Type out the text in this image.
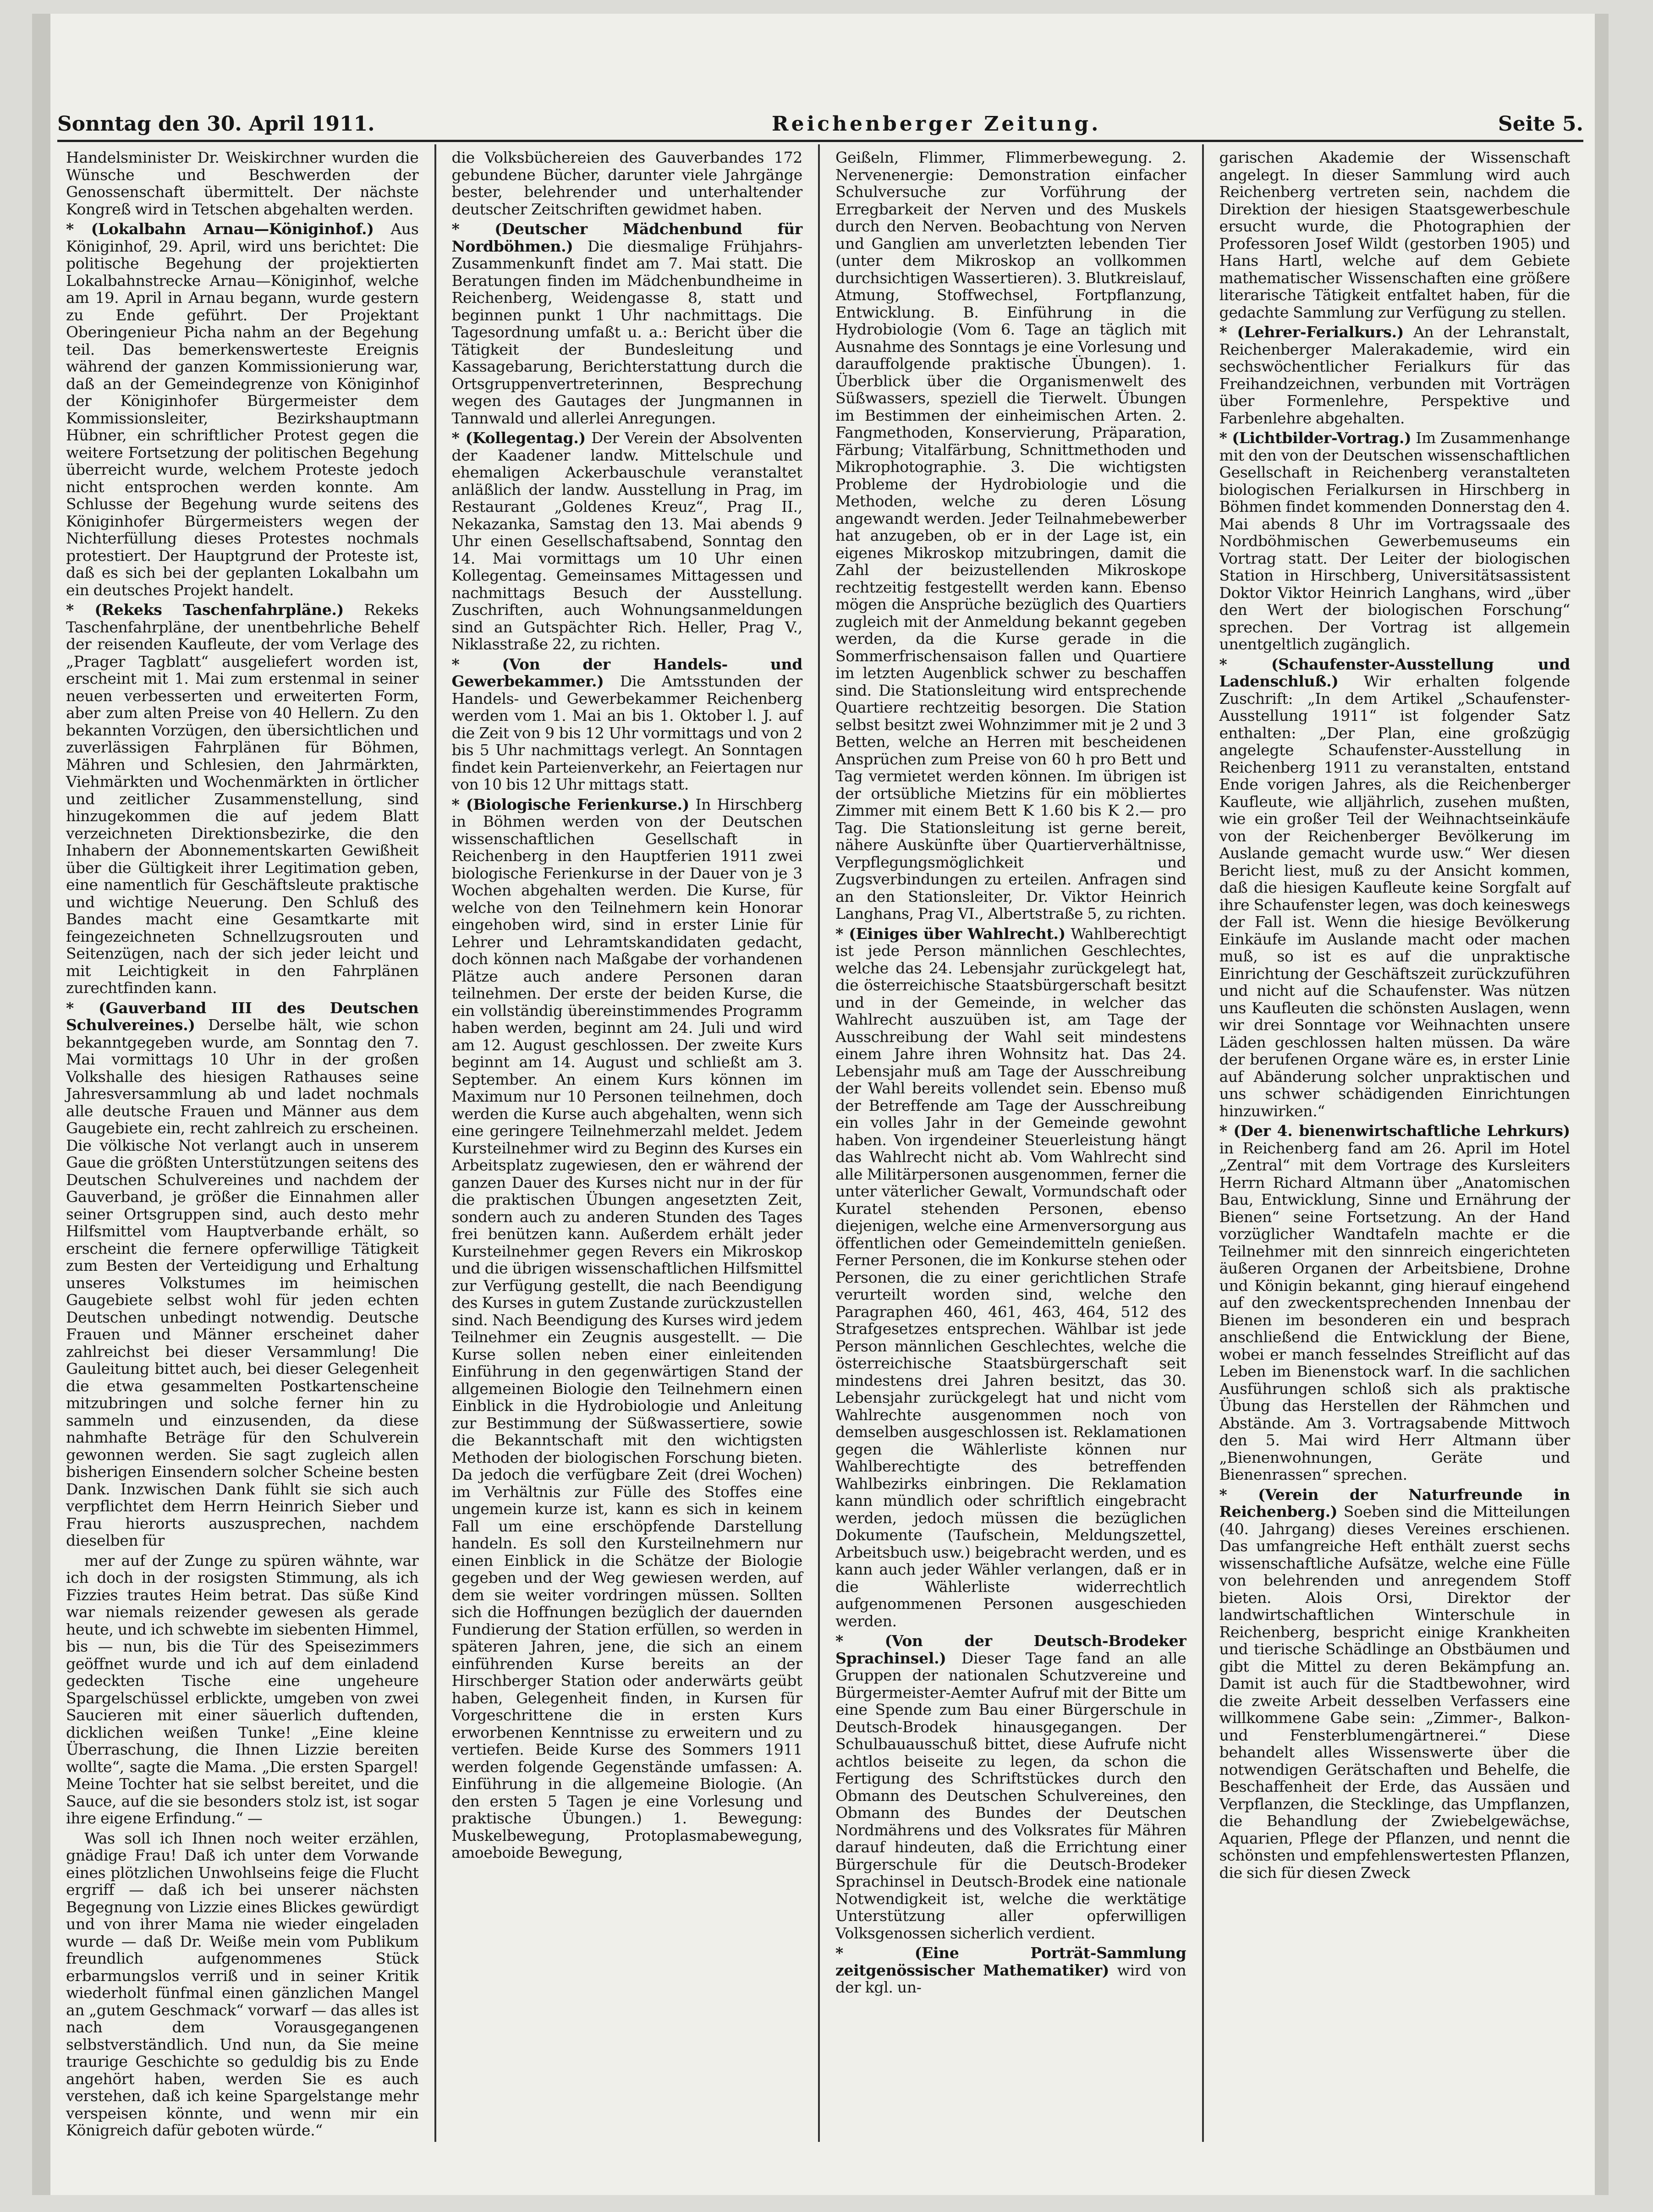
Sonntag den 30. April 1911.	Reichenberger Zeitung.	Seite 5.

Handelsminister Dr. Weiskirchner wurden die Wünsche und Beschwerden der Genossenschaft übermittelt. Der nächste Kongreß wird in Tetschen abgehalten werden.

* (Lokalbahn Arnau—Königinhof.) Aus Königinhof, 29. April, wird uns berichtet: Die politische Begehung der projektierten Lokalbahnstrecke Arnau—Königinhof, welche am 19. April in Arnau begann, wurde gestern zu Ende geführt. Der Projektant Oberingenieur Picha nahm an der Begehung teil. Das bemerkenswerteste Ereignis während der ganzen Kommissionierung war, daß an der Gemeindegrenze von Königinhof der Königinhofer Bürgermeister dem Kommissionsleiter, Bezirkshauptmann Hübner, ein schriftlicher Protest gegen die weitere Fortsetzung der politischen Begehung überreicht wurde, welchem Proteste jedoch nicht entsprochen werden konnte. Am Schlusse der Begehung wurde seitens des Königinhofer Bürgermeisters wegen der Nichterfüllung dieses Protestes nochmals protestiert. Der Hauptgrund der Proteste ist, daß es sich bei der geplanten Lokalbahn um ein deutsches Projekt handelt.

* (Rekeks Taschenfahrpläne.) Rekeks Taschenfahrpläne, der unentbehrliche Behelf der reisenden Kaufleute, der vom Verlage des „Prager Tagblatt“ ausgeliefert worden ist, erscheint mit 1. Mai zum erstenmal in seiner neuen verbesserten und erweiterten Form, aber zum alten Preise von 40 Hellern. Zu den bekannten Vorzügen, den übersichtlichen und zuverlässigen Fahrplänen für Böhmen, Mähren und Schlesien, den Jahrmärkten, Viehmärkten und Wochenmärkten in örtlicher und zeitlicher Zusammenstellung, sind hinzugekommen die auf jedem Blatt verzeichneten Direktionsbezirke, die den Inhabern der Abonnementskarten Gewißheit über die Gültigkeit ihrer Legitimation geben, eine namentlich für Geschäftsleute praktische und wichtige Neuerung. Den Schluß des Bandes macht eine Gesamtkarte mit feingezeichneten Schnellzugsrouten und Seitenzügen, nach der sich jeder leicht und mit Leichtigkeit in den Fahrplänen zurechtfinden kann.

* (Gauverband III des Deutschen Schulvereines.) Derselbe hält, wie schon bekanntgegeben wurde, am Sonntag den 7. Mai vormittags 10 Uhr in der großen Volkshalle des hiesigen Rathauses seine Jahresversammlung ab und ladet nochmals alle deutsche Frauen und Männer aus dem Gaugebiete ein, recht zahlreich zu erscheinen. Die völkische Not verlangt auch in unserem Gaue die größten Unterstützungen seitens des Deutschen Schulvereines und nachdem der Gauverband, je größer die Einnahmen aller seiner Ortsgruppen sind, auch desto mehr Hilfsmittel vom Hauptverbande erhält, so erscheint die fernere opferwillige Tätigkeit zum Besten der Verteidigung und Erhaltung unseres Volkstumes im heimischen Gaugebiete selbst wohl für jeden echten Deutschen unbedingt notwendig. Deutsche Frauen und Männer erscheinet daher zahlreichst bei dieser Versammlung! Die Gauleitung bittet auch, bei dieser Gelegenheit die etwa gesammelten Postkartenscheine mitzubringen und solche ferner hin zu sammeln und einzusenden, da diese nahmhafte Beträge für den Schulverein gewonnen werden. Sie sagt zugleich allen bisherigen Einsendern solcher Scheine besten Dank. Inzwischen Dank fühlt sie sich auch verpflichtet dem Herrn Heinrich Sieber und Frau hierorts auszusprechen, nachdem dieselben für

mer auf der Zunge zu spüren wähnte, war ich doch in der rosigsten Stimmung, als ich Fizzies trautes Heim betrat. Das süße Kind war niemals reizender gewesen als gerade heute, und ich schwebte im siebenten Himmel, bis — nun, bis die Tür des Speisezimmers geöffnet wurde und ich auf dem einladend gedeckten Tische eine ungeheure Spargelschüssel erblickte, umgeben von zwei Saucieren mit einer säuerlich duftenden, dicklichen weißen Tunke! „Eine kleine Überraschung, die Ihnen Lizzie bereiten wollte“, sagte die Mama. „Die ersten Spargel! Meine Tochter hat sie selbst bereitet, und die Sauce, auf die sie besonders stolz ist, ist sogar ihre eigene Erfindung.“ —

Was soll ich Ihnen noch weiter erzählen, gnädige Frau! Daß ich unter dem Vorwande eines plötzlichen Unwohlseins feige die Flucht ergriff — daß ich bei unserer nächsten Begegnung von Lizzie eines Blickes gewürdigt und von ihrer Mama nie wieder eingeladen wurde — daß Dr. Weiße mein vom Publikum freundlich aufgenommenes Stück erbarmungslos verriß und in seiner Kritik wiederholt fünfmal einen gänzlichen Mangel an „gutem Geschmack“ vorwarf — das alles ist nach dem Vorausgegangenen selbstverständlich. Und nun, da Sie meine traurige Geschichte so geduldig bis zu Ende angehört haben, werden Sie es auch verstehen, daß ich keine Spargelstange mehr verspeisen könnte, und wenn mir ein Königreich dafür geboten würde.“

die Volksbüchereien des Gauverbandes 172 gebundene Bücher, darunter viele Jahrgänge bester, belehrender und unterhaltender deutscher Zeitschriften gewidmet haben.

* (Deutscher Mädchenbund für Nordböhmen.) Die diesmalige Frühjahrs-Zusammenkunft findet am 7. Mai statt. Die Beratungen finden im Mädchenbundheime in Reichenberg, Weidengasse 8, statt und beginnen punkt 1 Uhr nachmittags. Die Tagesordnung umfaßt u. a.: Bericht über die Tätigkeit der Bundesleitung und Kassagebarung, Berichterstattung durch die Ortsgruppenvertreterinnen, Besprechung wegen des Gautages der Jungmannen in Tannwald und allerlei Anregungen.

* (Kollegentag.) Der Verein der Absolventen der Kaadener landw. Mittelschule und ehemaligen Ackerbauschule veranstaltet anläßlich der landw. Ausstellung in Prag, im Restaurant „Goldenes Kreuz“, Prag II., Nekazanka, Samstag den 13. Mai abends 9 Uhr einen Gesellschaftsabend, Sonntag den 14. Mai vormittags um 10 Uhr einen Kollegentag. Gemeinsames Mittagessen und nachmittags Besuch der Ausstellung. Zuschriften, auch Wohnungsanmeldungen sind an Gutspächter Rich. Heller, Prag V., Niklasstraße 22, zu richten.

* (Von der Handels- und Gewerbekammer.) Die Amtsstunden der Handels- und Gewerbekammer Reichenberg werden vom 1. Mai an bis 1. Oktober l. J. auf die Zeit von 9 bis 12 Uhr vormittags und von 2 bis 5 Uhr nachmittags verlegt. An Sonntagen findet kein Parteienverkehr, an Feiertagen nur von 10 bis 12 Uhr mittags statt.

* (Biologische Ferienkurse.) In Hirschberg in Böhmen werden von der Deutschen wissenschaftlichen Gesellschaft in Reichenberg in den Hauptferien 1911 zwei biologische Ferienkurse in der Dauer von je 3 Wochen abgehalten werden. Die Kurse, für welche von den Teilnehmern kein Honorar eingehoben wird, sind in erster Linie für Lehrer und Lehramtskandidaten gedacht, doch können nach Maßgabe der vorhandenen Plätze auch andere Personen daran teilnehmen. Der erste der beiden Kurse, die ein vollständig übereinstimmendes Programm haben werden, beginnt am 24. Juli und wird am 12. August geschlossen. Der zweite Kurs beginnt am 14. August und schließt am 3. September. An einem Kurs können im Maximum nur 10 Personen teilnehmen, doch werden die Kurse auch abgehalten, wenn sich eine geringere Teilnehmerzahl meldet. Jedem Kursteilnehmer wird zu Beginn des Kurses ein Arbeitsplatz zugewiesen, den er während der ganzen Dauer des Kurses nicht nur in der für die praktischen Übungen angesetzten Zeit, sondern auch zu anderen Stunden des Tages frei benützen kann. Außerdem erhält jeder Kursteilnehmer gegen Revers ein Mikroskop und die übrigen wissenschaftlichen Hilfsmittel zur Verfügung gestellt, die nach Beendigung des Kurses in gutem Zustande zurückzustellen sind. Nach Beendigung des Kurses wird jedem Teilnehmer ein Zeugnis ausgestellt. — Die Kurse sollen neben einer einleitenden Einführung in den gegenwärtigen Stand der allgemeinen Biologie den Teilnehmern einen Einblick in die Hydrobiologie und Anleitung zur Bestimmung der Süßwassertiere, sowie die Bekanntschaft mit den wichtigsten Methoden der biologischen Forschung bieten. Da jedoch die verfügbare Zeit (drei Wochen) im Verhältnis zur Fülle des Stoffes eine ungemein kurze ist, kann es sich in keinem Fall um eine erschöpfende Darstellung handeln. Es soll den Kursteilnehmern nur einen Einblick in die Schätze der Biologie gegeben und der Weg gewiesen werden, auf dem sie weiter vordringen müssen. Sollten sich die Hoffnungen bezüglich der dauernden Fundierung der Station erfüllen, so werden in späteren Jahren, jene, die sich an einem einführenden Kurse bereits an der Hirschberger Station oder anderwärts geübt haben, Gelegenheit finden, in Kursen für Vorgeschrittene die in ersten Kurs erworbenen Kenntnisse zu erweitern und zu vertiefen. Beide Kurse des Sommers 1911 werden folgende Gegenstände umfassen: A. Einführung in die allgemeine Biologie. (An den ersten 5 Tagen je eine Vorlesung und praktische Übungen.) 1. Bewegung: Muskelbewegung, Protoplasmabewegung, amoeboide Bewegung,

Geißeln, Flimmer, Flimmerbewegung. 2. Nervenenergie: Demonstration einfacher Schulversuche zur Vorführung der Erregbarkeit der Nerven und des Muskels durch den Nerven. Beobachtung von Nerven und Ganglien am unverletzten lebenden Tier (unter dem Mikroskop an vollkommen durchsichtigen Wassertieren). 3. Blutkreislauf, Atmung, Stoffwechsel, Fortpflanzung, Entwicklung. B. Einführung in die Hydrobiologie (Vom 6. Tage an täglich mit Ausnahme des Sonntags je eine Vorlesung und darauffolgende praktische Übungen). 1. Überblick über die Organismenwelt des Süßwassers, speziell die Tierwelt. Übungen im Bestimmen der einheimischen Arten. 2. Fangmethoden, Konservierung, Präparation, Färbung; Vitalfärbung, Schnittmethoden und Mikrophotographie. 3. Die wichtigsten Probleme der Hydrobiologie und die Methoden, welche zu deren Lösung angewandt werden. Jeder Teilnahmebewerber hat anzugeben, ob er in der Lage ist, ein eigenes Mikroskop mitzubringen, damit die Zahl der beizustellenden Mikroskope rechtzeitig festgestellt werden kann. Ebenso mögen die Ansprüche bezüglich des Quartiers zugleich mit der Anmeldung bekannt gegeben werden, da die Kurse gerade in die Sommerfrischensaison fallen und Quartiere im letzten Augenblick schwer zu beschaffen sind. Die Stationsleitung wird entsprechende Quartiere rechtzeitig besorgen. Die Station selbst besitzt zwei Wohnzimmer mit je 2 und 3 Betten, welche an Herren mit bescheidenen Ansprüchen zum Preise von 60 h pro Bett und Tag vermietet werden können. Im übrigen ist der ortsübliche Mietzins für ein möbliertes Zimmer mit einem Bett K 1.60 bis K 2.— pro Tag. Die Stationsleitung ist gerne bereit, nähere Auskünfte über Quartierverhältnisse, Verpflegungsmöglichkeit und Zugsverbindungen zu erteilen. Anfragen sind an den Stationsleiter, Dr. Viktor Heinrich Langhans, Prag VI., Albertstraße 5, zu richten.

* (Einiges über Wahlrecht.) Wahlberechtigt ist jede Person männlichen Geschlechtes, welche das 24. Lebensjahr zurückgelegt hat, die österreichische Staatsbürgerschaft besitzt und in der Gemeinde, in welcher das Wahlrecht auszuüben ist, am Tage der Ausschreibung der Wahl seit mindestens einem Jahre ihren Wohnsitz hat. Das 24. Lebensjahr muß am Tage der Ausschreibung der Wahl bereits vollendet sein. Ebenso muß der Betreffende am Tage der Ausschreibung ein volles Jahr in der Gemeinde gewohnt haben. Von irgendeiner Steuerleistung hängt das Wahlrecht nicht ab. Vom Wahlrecht sind alle Militärpersonen ausgenommen, ferner die unter väterlicher Gewalt, Vormundschaft oder Kuratel stehenden Personen, ebenso diejenigen, welche eine Armenversorgung aus öffentlichen oder Gemeindemitteln genießen. Ferner Personen, die im Konkurse stehen oder Personen, die zu einer gerichtlichen Strafe verurteilt worden sind, welche den Paragraphen 460, 461, 463, 464, 512 des Strafgesetzes entsprechen. Wählbar ist jede Person männlichen Geschlechtes, welche die österreichische Staatsbürgerschaft seit mindestens drei Jahren besitzt, das 30. Lebensjahr zurückgelegt hat und nicht vom Wahlrechte ausgenommen noch von demselben ausgeschlossen ist. Reklamationen gegen die Wählerliste können nur Wahlberechtigte des betreffenden Wahlbezirks einbringen. Die Reklamation kann mündlich oder schriftlich eingebracht werden, jedoch müssen die bezüglichen Dokumente (Taufschein, Meldungszettel, Arbeitsbuch usw.) beigebracht werden, und es kann auch jeder Wähler verlangen, daß er in die Wählerliste widerrechtlich aufgenommenen Personen ausgeschieden werden.

* (Von der Deutsch-Brodeker Sprachinsel.) Dieser Tage fand an alle Gruppen der nationalen Schutzvereine und Bürgermeister-Aemter Aufruf mit der Bitte um eine Spende zum Bau einer Bürgerschule in Deutsch-Brodek hinausgegangen. Der Schulbauausschuß bittet, diese Aufrufe nicht achtlos beiseite zu legen, da schon die Fertigung des Schriftstückes durch den Obmann des Deutschen Schulvereines, den Obmann des Bundes der Deutschen Nordmährens und des Volksrates für Mähren darauf hindeuten, daß die Errichtung einer Bürgerschule für die Deutsch-Brodeker Sprachinsel in Deutsch-Brodek eine nationale Notwendigkeit ist, welche die werktätige Unterstützung aller opferwilligen Volksgenossen sicherlich verdient.

* (Eine Porträt-Sammlung zeitgenössischer Mathematiker) wird von der kgl. un-

garischen Akademie der Wissenschaft angelegt. In dieser Sammlung wird auch Reichenberg vertreten sein, nachdem die Direktion der hiesigen Staatsgewerbeschule ersucht wurde, die Photographien der Professoren Josef Wildt (gestorben 1905) und Hans Hartl, welche auf dem Gebiete mathematischer Wissenschaften eine größere literarische Tätigkeit entfaltet haben, für die gedachte Sammlung zur Verfügung zu stellen.

* (Lehrer-Ferialkurs.) An der Lehranstalt, Reichenberger Malerakademie, wird ein sechswöchentlicher Ferialkurs für das Freihandzeichnen, verbunden mit Vorträgen über Formenlehre, Perspektive und Farbenlehre abgehalten.

* (Lichtbilder-Vortrag.) Im Zusammenhange mit den von der Deutschen wissenschaftlichen Gesellschaft in Reichenberg veranstalteten biologischen Ferialkursen in Hirschberg in Böhmen findet kommenden Donnerstag den 4. Mai abends 8 Uhr im Vortragssaale des Nordböhmischen Gewerbemuseums ein Vortrag statt. Der Leiter der biologischen Station in Hirschberg, Universitätsassistent Doktor Viktor Heinrich Langhans, wird „über den Wert der biologischen Forschung“ sprechen. Der Vortrag ist allgemein unentgeltlich zugänglich.

* (Schaufenster-Ausstellung und Ladenschluß.) Wir erhalten folgende Zuschrift: „In dem Artikel „Schaufenster-Ausstellung 1911“ ist folgender Satz enthalten: „Der Plan, eine großzügig angelegte Schaufenster-Ausstellung in Reichenberg 1911 zu veranstalten, entstand Ende vorigen Jahres, als die Reichenberger Kaufleute, wie alljährlich, zusehen mußten, wie ein großer Teil der Weihnachtseinkäufe von der Reichenberger Bevölkerung im Auslande gemacht wurde usw.“ Wer diesen Bericht liest, muß zu der Ansicht kommen, daß die hiesigen Kaufleute keine Sorgfalt auf ihre Schaufenster legen, was doch keineswegs der Fall ist. Wenn die hiesige Bevölkerung Einkäufe im Auslande macht oder machen muß, so ist es auf die unpraktische Einrichtung der Geschäftszeit zurückzuführen und nicht auf die Schaufenster. Was nützen uns Kaufleuten die schönsten Auslagen, wenn wir drei Sonntage vor Weihnachten unsere Läden geschlossen halten müssen. Da wäre der berufenen Organe wäre es, in erster Linie auf Abänderung solcher unpraktischen und uns schwer schädigenden Einrichtungen hinzuwirken.“

* (Der 4. bienenwirtschaftliche Lehrkurs) in Reichenberg fand am 26. April im Hotel „Zentral“ mit dem Vortrage des Kursleiters Herrn Richard Altmann über „Anatomischen Bau, Entwicklung, Sinne und Ernährung der Bienen“ seine Fortsetzung. An der Hand vorzüglicher Wandtafeln machte er die Teilnehmer mit den sinnreich eingerichteten äußeren Organen der Arbeitsbiene, Drohne und Königin bekannt, ging hierauf eingehend auf den zweckentsprechenden Innenbau der Bienen im besonderen ein und besprach anschließend die Entwicklung der Biene, wobei er manch fesselndes Streiflicht auf das Leben im Bienenstock warf. In die sachlichen Ausführungen schloß sich als praktische Übung das Herstellen der Rähmchen und Abstände. Am 3. Vortragsabende Mittwoch den 5. Mai wird Herr Altmann über „Bienenwohnungen, Geräte und Bienenrassen“ sprechen.

* (Verein der Naturfreunde in Reichenberg.) Soeben sind die Mitteilungen (40. Jahrgang) dieses Vereines erschienen. Das umfangreiche Heft enthält zuerst sechs wissenschaftliche Aufsätze, welche eine Fülle von belehrenden und anregendem Stoff bieten. Alois Orsi, Direktor der landwirtschaftlichen Winterschule in Reichenberg, bespricht einige Krankheiten und tierische Schädlinge an Obstbäumen und gibt die Mittel zu deren Bekämpfung an. Damit ist auch für die Stadtbewohner, wird die zweite Arbeit desselben Verfassers eine willkommene Gabe sein: „Zimmer-, Balkon- und Fensterblumengärtnerei.“ Diese behandelt alles Wissenswerte über die notwendigen Gerätschaften und Behelfe, die Beschaffenheit der Erde, das Aussäen und Verpflanzen, die Stecklinge, das Umpflanzen, die Behandlung der Zwiebelgewächse, Aquarien, Pflege der Pflanzen, und nennt die schönsten und empfehlenswertesten Pflanzen, die sich für diesen Zweck
